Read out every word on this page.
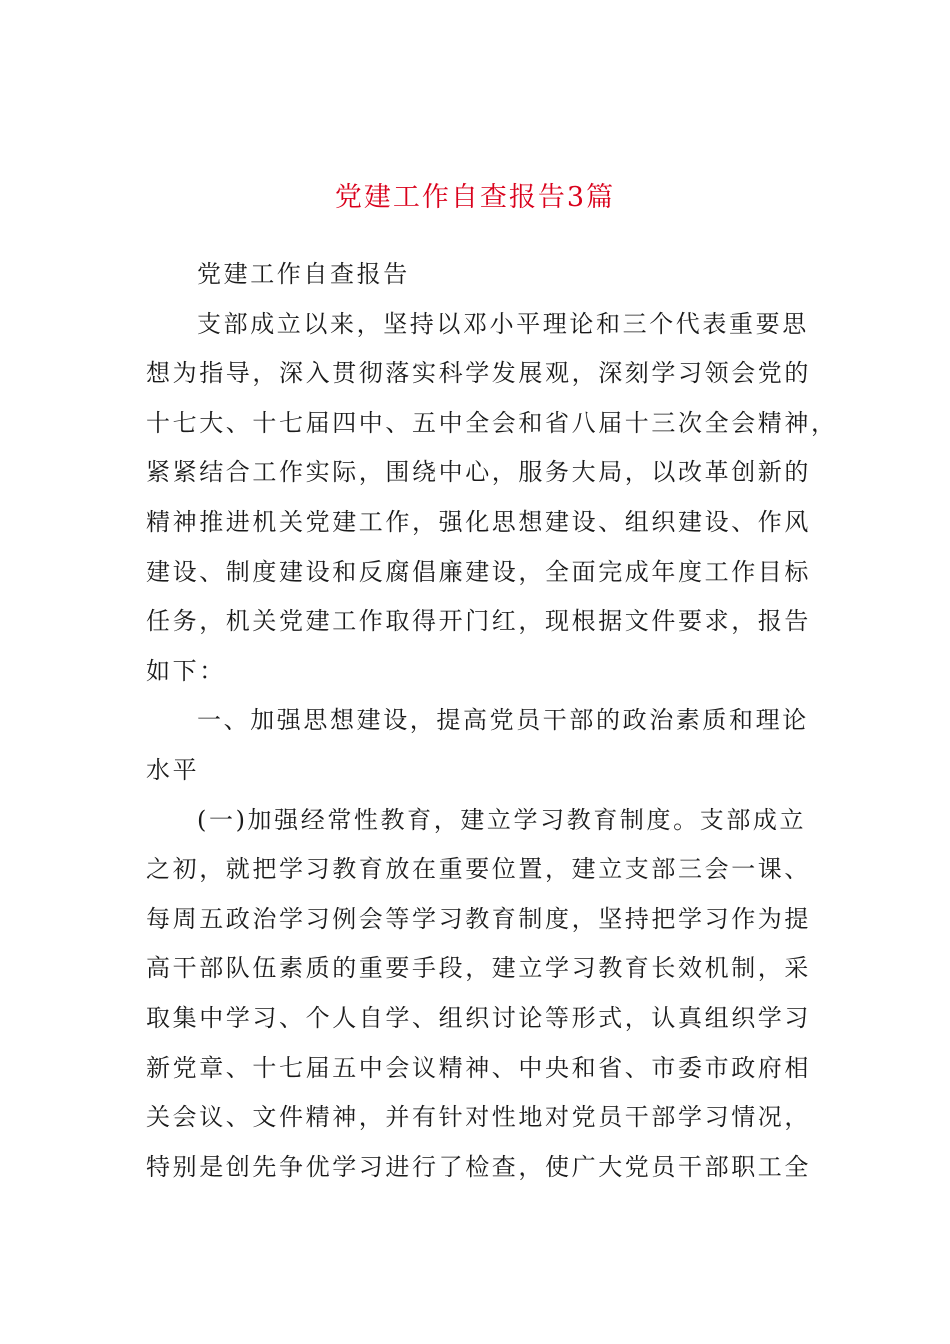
党建工作自查报告3篇
党建工作自查报告
支部成立以来，坚持以邓小平理论和三个代表重要思
想为指导，深入贯彻落实科学发展观，深刻学习领会党的
十七大、十七届四中、五中全会和省八届十三次全会精神，
紧紧结合工作实际，围绕中心，服务大局，以改革创新的
精神推进机关党建工作，强化思想建设、组织建设、作风
建设、制度建设和反腐倡廉建设，全面完成年度工作目标
任务，机关党建工作取得开门红，现根据文件要求，报告
如下：
一、加强思想建设，提高党员干部的政治素质和理论
水平
(一)加强经常性教育，建立学习教育制度。支部成立
之初，就把学习教育放在重要位置，建立支部三会一课、
每周五政治学习例会等学习教育制度，坚持把学习作为提
高干部队伍素质的重要手段，建立学习教育长效机制，采
取集中学习、个人自学、组织讨论等形式，认真组织学习
新党章、十七届五中会议精神、中央和省、市委市政府相
关会议、文件精神，并有针对性地对党员干部学习情况，
特别是创先争优学习进行了检查，使广大党员干部职工全
